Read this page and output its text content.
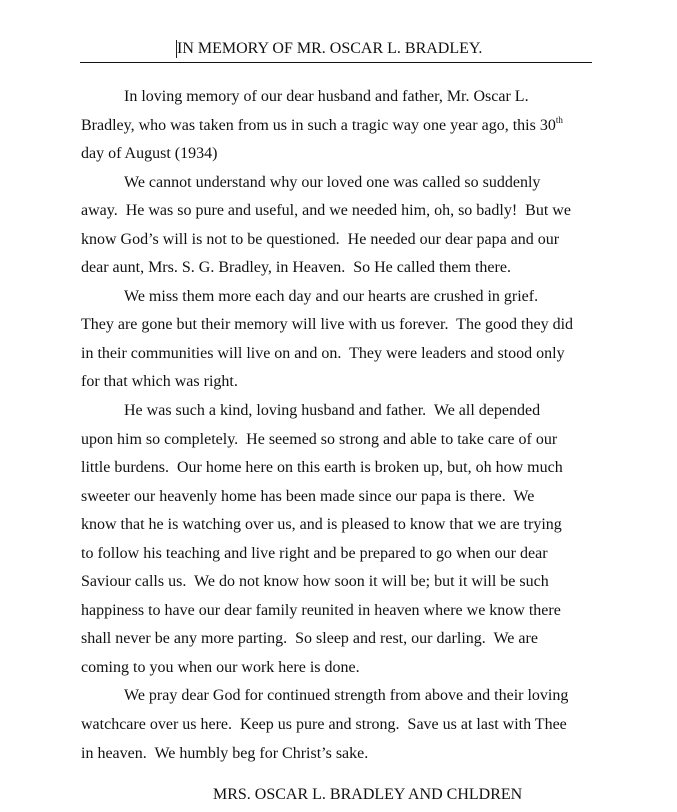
IN MEMORY OF MR. OSCAR L. BRADLEY.
In loving memory of our dear husband and father, Mr. Oscar L.
Bradley, who was taken from us in such a tragic way one year ago, this 30th
day of August (1934)
We cannot understand why our loved one was called so suddenly
away.  He was so pure and useful, and we needed him, oh, so badly!  But we
know God’s will is not to be questioned.  He needed our dear papa and our
dear aunt, Mrs. S. G. Bradley, in Heaven.  So He called them there.
We miss them more each day and our hearts are crushed in grief.
They are gone but their memory will live with us forever.  The good they did
in their communities will live on and on.  They were leaders and stood only
for that which was right.
He was such a kind, loving husband and father.  We all depended
upon him so completely.  He seemed so strong and able to take care of our
little burdens.  Our home here on this earth is broken up, but, oh how much
sweeter our heavenly home has been made since our papa is there.  We
know that he is watching over us, and is pleased to know that we are trying
to follow his teaching and live right and be prepared to go when our dear
Saviour calls us.  We do not know how soon it will be; but it will be such
happiness to have our dear family reunited in heaven where we know there
shall never be any more parting.  So sleep and rest, our darling.  We are
coming to you when our work here is done.
We pray dear God for continued strength from above and their loving
watchcare over us here.  Keep us pure and strong.  Save us at last with Thee
in heaven.  We humbly beg for Christ’s sake.
MRS. OSCAR L. BRADLEY AND CHLDREN
